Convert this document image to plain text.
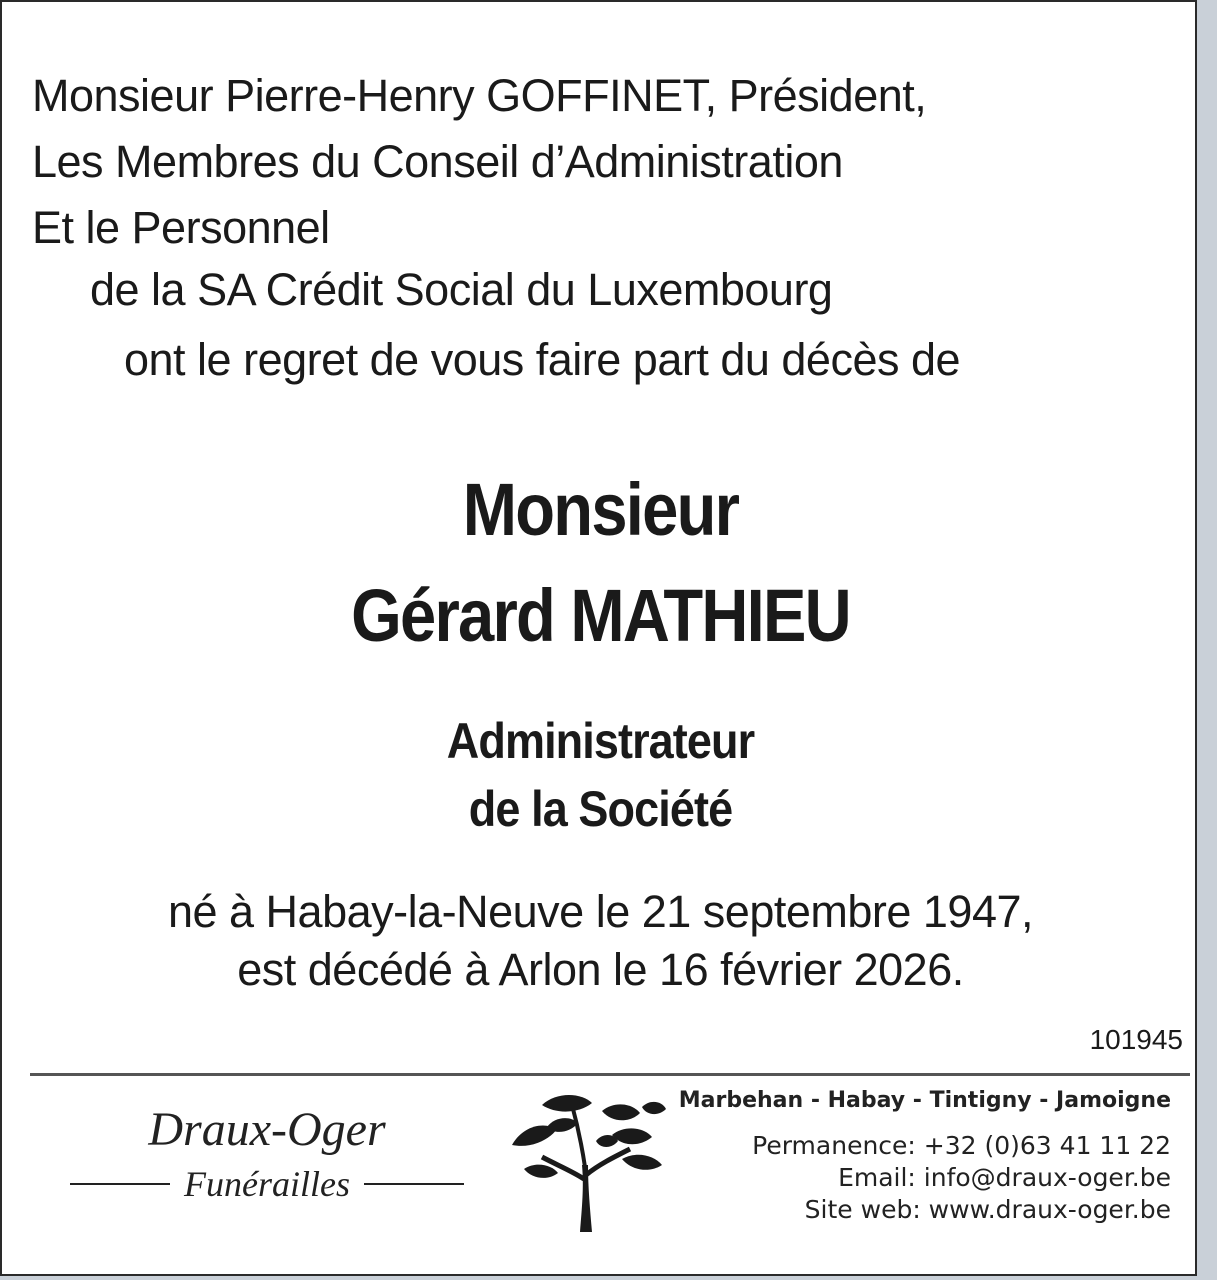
Monsieur Pierre-Henry GOFFINET, Président,
Les Membres du Conseil d’Administration
Et le Personnel
de la SA Crédit Social du Luxembourg
ont le regret de vous faire part du décès de
Monsieur
Gérard MATHIEU
Administrateur
de la Société
né à Habay-la-Neuve le 21 septembre 1947,
est décédé à Arlon le 16 février 2026.
101945
Draux-Oger
Funérailles
Marbehan - Habay - Tintigny - Jamoigne
Permanence: +32 (0)63 41 11 22
Email: info@draux-oger.be
Site web: www.draux-oger.be
